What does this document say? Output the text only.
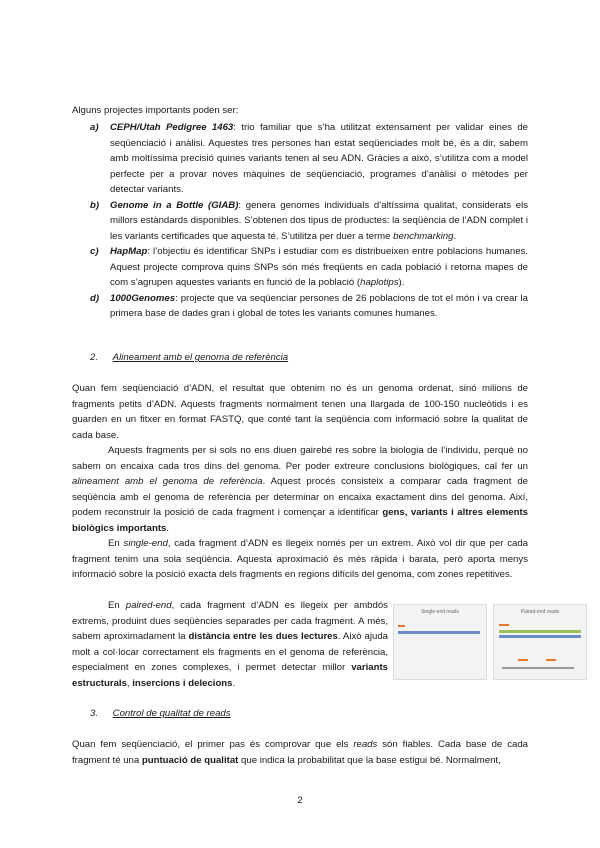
Alguns projectes importants poden ser:

a) CEPH/Utah Pedigree 1463: trio familiar que s’ha utilitzat extensament per validar eines de seqüenciació i anàlisi. Aquestes tres persones han estat seqüenciades molt bé, és a dir, sabem amb moltíssima precisió quines variants tenen al seu ADN. Gràcies a això, s’utilitza com a model perfecte per a provar noves màquines de seqüenciació, programes d’anàlisi o mètodes per detectar variants.
b) Genome in a Bottle (GIAB): genera genomes individuals d’altíssima qualitat, considerats els millors estàndards disponibles. S’obtenen dos tipus de productes: la seqüència de l’ADN complet i les variants certificades que aquesta té. S’utilitza per duer a terme benchmarking.
c) HapMap: l’objectiu és identificar SNPs i estudiar com es distribueixen entre poblacions humanes. Aquest projecte comprova quins SNPs són més freqüents en cada població i retorna mapes de com s’agrupen aquestes variants en funció de la població (haplotips).
d) 1000Genomes: projecte que va seqüenciar persones de 26 poblacions de tot el món i va crear la primera base de dades gran i global de totes les variants comunes humanes.
2. Alineament amb el genoma de referència

Quan fem seqüenciació d’ADN, el resultat que obtenim no és un genoma ordenat, sinó milions de fragments petits d’ADN. Aquests fragments normalment tenen una llargada de 100-150 nucleòtids i es guarden en un fitxer en format FASTQ, que conté tant la seqüència com informació sobre la qualitat de cada base.

Aquests fragments per si sols no ens diuen gairebé res sobre la biologia de l’individu, perquè no sabem on encaixa cada tros dins del genoma. Per poder extreure conclusions biològiques, cal fer un alineament amb el genoma de referència. Aquest procés consisteix a comparar cada fragment de seqüència amb el genoma de referència per determinar on encaixa exactament dins del genoma. Així, podem reconstruir la posició de cada fragment i començar a identificar gens, variants i altres elements biològics importants.

En single-end, cada fragment d’ADN es llegeix només per un extrem. Això vol dir que per cada fragment tenim una sola seqüència. Aquesta aproximació és més ràpida i barata, però aporta menys informació sobre la posició exacta dels fragments en regions difícils del genoma, com zones repetitives.

En paired-end, cada fragment d’ADN es llegeix per ambdós extrems, produint dues seqüències separades per cada fragment. A més, sabem aproximadament la distància entre les dues lectures. Això ajuda molt a col·locar correctament els fragments en el genoma de referència, especialment en zones complexes, i permet detectar millor variants estructurals, insercions i delecions.

Single-end reads	Paired-end reads
3. Control de qualitat de reads

Quan fem seqüenciació, el primer pas és comprovar que els reads són fiables. Cada base de cada fragment té una puntuació de qualitat que indica la probabilitat que la base estigui bé. Normalment,

2
